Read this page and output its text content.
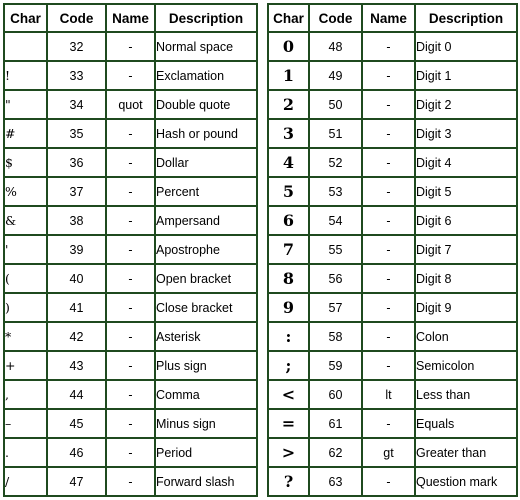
Char	Code	Name	Description
	32	-	Normal space
!	33	-	Exclamation
"	34	quot	Double quote
#	35	-	Hash or pound
$	36	-	Dollar
%	37	-	Percent
&	38	-	Ampersand
'	39	-	Apostrophe
(	40	-	Open bracket
)	41	-	Close bracket
*	42	-	Asterisk
+	43	-	Plus sign
,	44	-	Comma
–	45	-	Minus sign
.	46	-	Period
/	47	-	Forward slash
Char	Code	Name	Description
0	48	-	Digit 0
1	49	-	Digit 1
2	50	-	Digit 2
3	51	-	Digit 3
4	52	-	Digit 4
5	53	-	Digit 5
6	54	-	Digit 6
7	55	-	Digit 7
8	56	-	Digit 8
9	57	-	Digit 9
:	58	-	Colon
;	59	-	Semicolon
<	60	lt	Less than
=	61	-	Equals
>	62	gt	Greater than
?	63	-	Question mark
